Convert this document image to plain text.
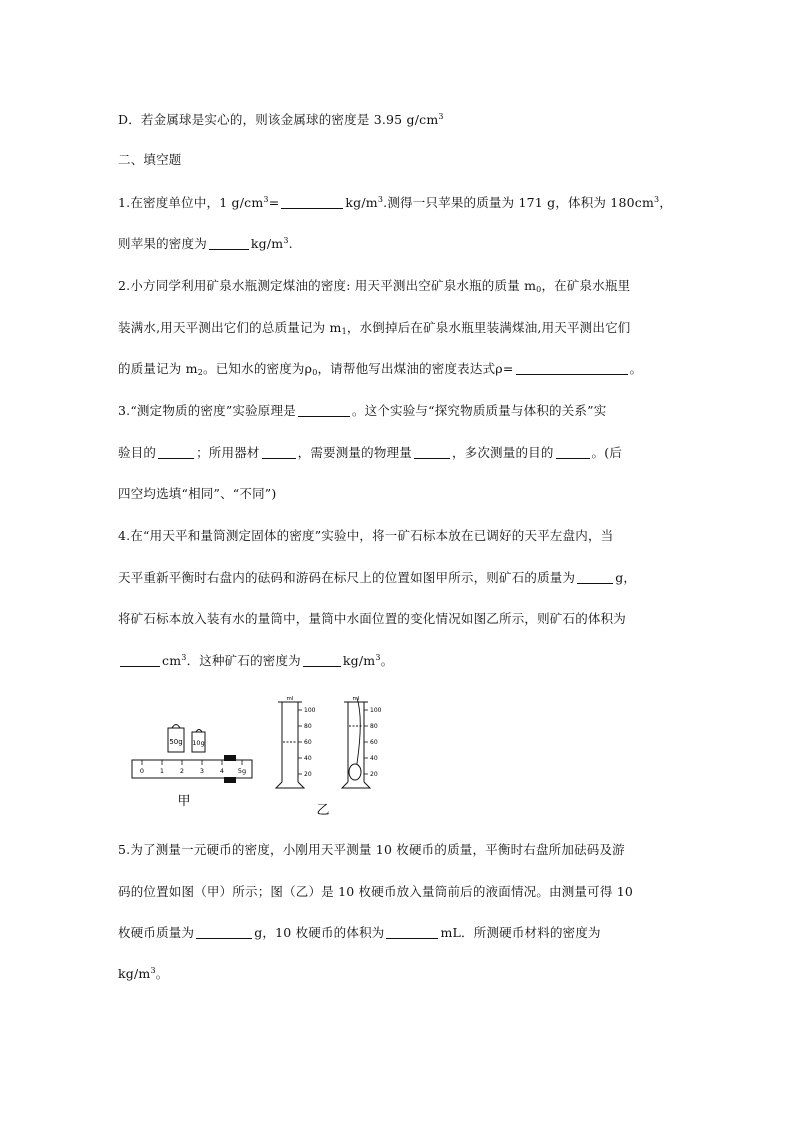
D．若金属球是实心的，则该金属球的密度是 3.95 $g/cm^3$
二、填空题
1.在密度单位中，1 $g/cm^3=$	$kg/m^3$.测得一只苹果的质量为 171 g，体积为 $180cm^3$，
则苹果的密度为	$kg/m^3$.
2.小方同学利用矿泉水瓶测定煤油的密度: 用天平测出空矿泉水瓶的质量 $m_0$，在矿泉水瓶里
装满水,用天平测出它们的总质量记为 $m_1$，水倒掉后在矿泉水瓶里装满煤油,用天平测出它们
的质量记为 $m_2$。已知水的密度为$\rho_0$，请帮他写出煤油的密度表达式ρ=	。
3.“测定物质的密度”实验原理是	。这个实验与“探究物质质量与体积的关系”实
验目的	；所用器材	，需要测量的物理量	，多次测量的目的	。(后
四空均选填“相同”、“不同”)
4.在“用天平和量筒测定固体的密度”实验中，将一矿石标本放在已调好的天平左盘内，当
天平重新平衡时右盘内的砝码和游码在标尺上的位置如图甲所示，则矿石的质量为	g，
将矿石标本放入装有水的量筒中，量筒中水面位置的变化情况如图乙所示，则矿石的体积为
$cm^3$．这种矿石的密度为	$kg/m^3$。
50g 10g
0 1 2 3 4 5g
甲
ml
100
80
60
40
20
ml
100
80
60
40
20
乙
5.为了测量一元硬币的密度，小刚用天平测量 10 枚硬币的质量，平衡时右盘所加砝码及游
码的位置如图（甲）所示；图（乙）是 10 枚硬币放入量筒前后的液面情况。由测量可得 10
枚硬币质量为	g，10 枚硬币的体积为	mL．所测硬币材料的密度为
$kg/m^3$。
